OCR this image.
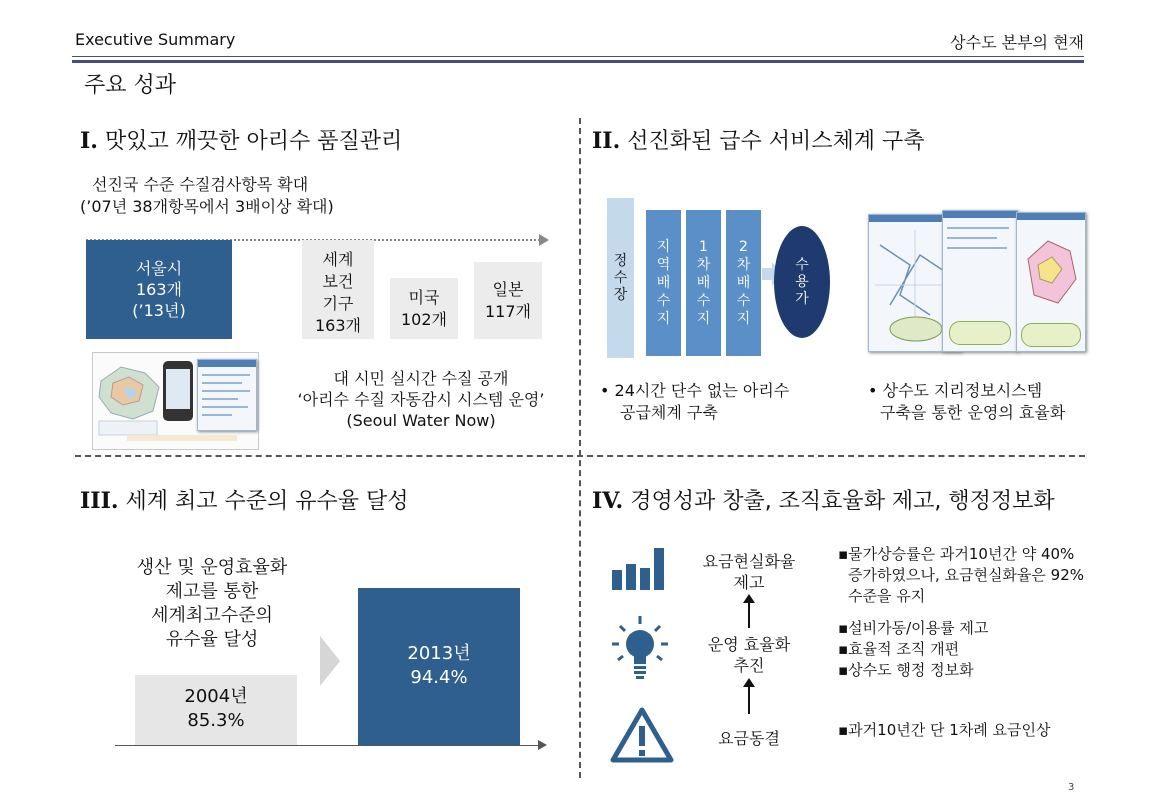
Executive Summary	상수도 본부의 현재
주요 성과
I. 맛있고 깨끗한 아리수 품질관리
선진국 수준 수질검사항목 확대
(’07년 38개항목에서 3배이상 확대)
서울시
163개
(’13년)
세계
보건
기구
163개
미국
102개
일본
117개
대 시민 실시간 수질 공개
‘아리수 수질 자동감시 시스템 운영’
(Seoul Water Now)
II. 선진화된 급수 서비스체계 구축
정
수
장
지
역
배
수
지
1
차
배
수
지
2
차
배
수
지
수
용
가
• 24시간 단수 없는 아리수
공급체계 구축
• 상수도 지리정보시스템
구축을 통한 운영의 효율화
III. 세계 최고 수준의 유수율 달성
생산 및 운영효율화
제고를 통한
세계최고수준의
유수율 달성
2004년
85.3%
2013년
94.4%
IV. 경영성과 창출, 조직효율화 제고, 행정정보화
요금현실화율
제고
운영 효율화
추진
요금동결
▪물가상승률은 과거10년간 약 40%
증가하였으나, 요금현실화율은 92%
수준을 유지
▪설비가동/이용률 제고
▪효율적 조직 개편
▪상수도 행정 정보화
▪과거10년간 단 1차례 요금인상
3
